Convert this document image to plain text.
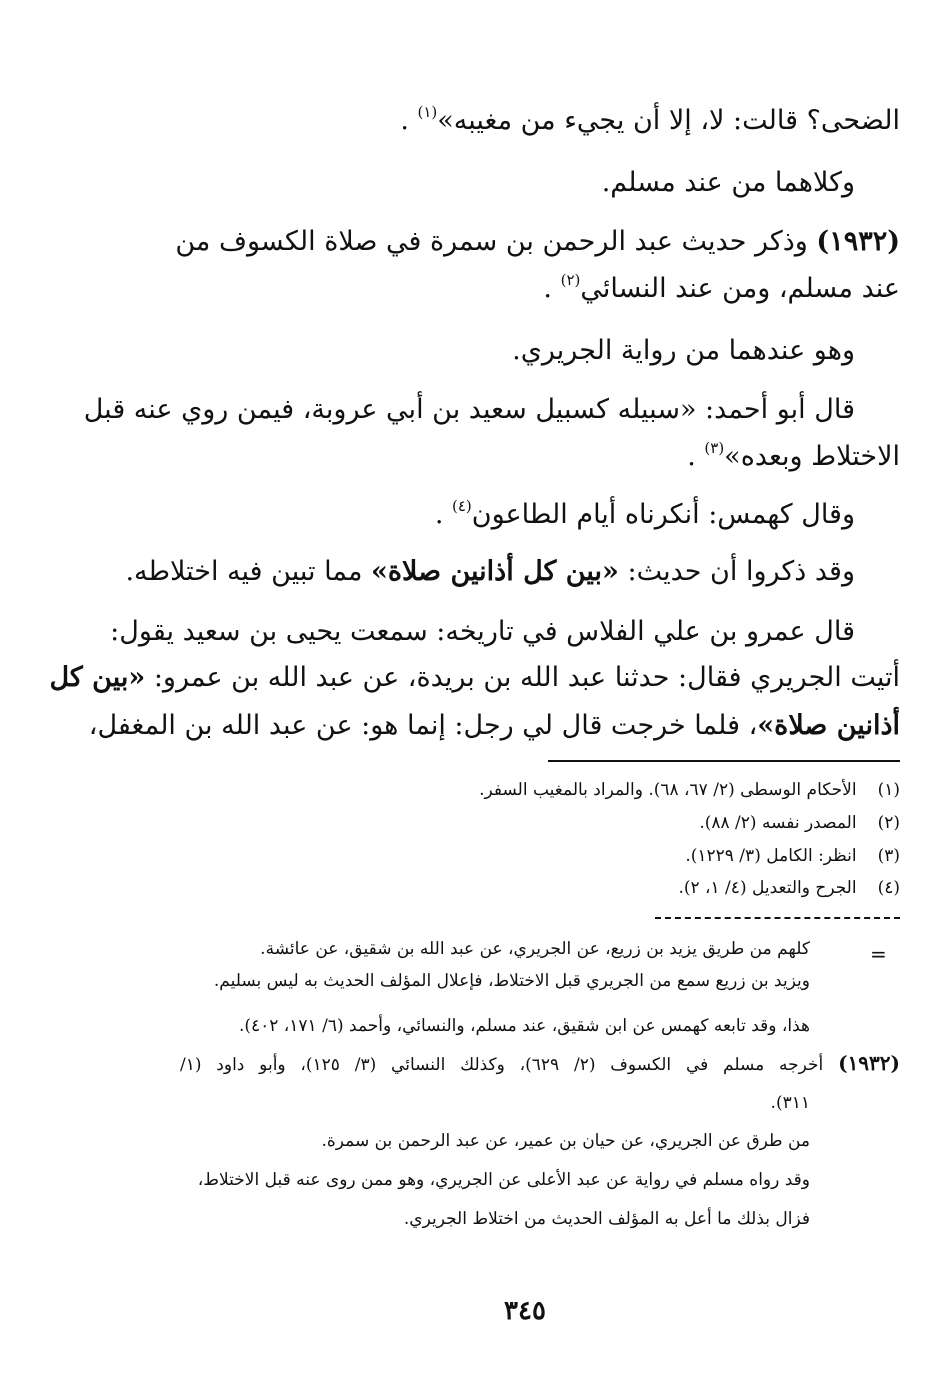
الضحى؟ قالت: لا، إلا أن يجيء من مغيبه»$^{(١)}$ .
وكلاهما من عند مسلم.
(١٩٣٢) وذكر حديث عبد الرحمن بن سمرة في صلاة الكسوف من
عند مسلم، ومن عند النسائي$^{(٢)}$ .
وهو عندهما من رواية الجريري.
قال أبو أحمد: «سبيله كسبيل سعيد بن أبي عروبة، فيمن روي عنه قبل
الاختلاط وبعده»$^{(٣)}$ .
وقال كهمس: أنكرناه أيام الطاعون$^{(٤)}$ .
وقد ذكروا أن حديث: «بين كل أذانين صلاة» مما تبين فيه اختلاطه.
قال عمرو بن علي الفلاس في تاريخه: سمعت يحيى بن سعيد يقول:
أتيت الجريري فقال: حدثنا عبد الله بن بريدة، عن عبد الله بن عمرو: «بين كل
أذانين صلاة»، فلما خرجت قال لي رجل: إنما هو: عن عبد الله بن المغفل،
(١) الأحكام الوسطى (٢/ ٦٧، ٦٨). والمراد بالمغيب السفر.
(٢) المصدر نفسه (٢/ ٨٨).
(٣) انظر: الكامل (٣/ ١٢٢٩).
(٤) الجرح والتعديل (٤/ ١، ٢).
=
كلهم من طريق يزيد بن زريع، عن الجريري، عن عبد الله بن شقيق، عن عائشة.
ويزيد بن زريع سمع من الجريري قبل الاختلاط، فإعلال المؤلف الحديث به ليس بسليم.
هذا، وقد تابعه كهمس عن ابن شقيق، عند مسلم، والنسائي، وأحمد (٦/ ١٧١، ٤٠٢).
(١٩٣٢) أخرجه مسلم في الكسوف (٢/ ٦٢٩)، وكذلك النسائي (٣/ ١٢٥)، وأبو داود (١/
٣١١).
من طرق عن الجريري، عن حيان بن عمير، عن عبد الرحمن بن سمرة.
وقد رواه مسلم في رواية عن عبد الأعلى عن الجريري، وهو ممن روى عنه قبل الاختلاط،
فزال بذلك ما أعل به المؤلف الحديث من اختلاط الجريري.
٣٤٥
